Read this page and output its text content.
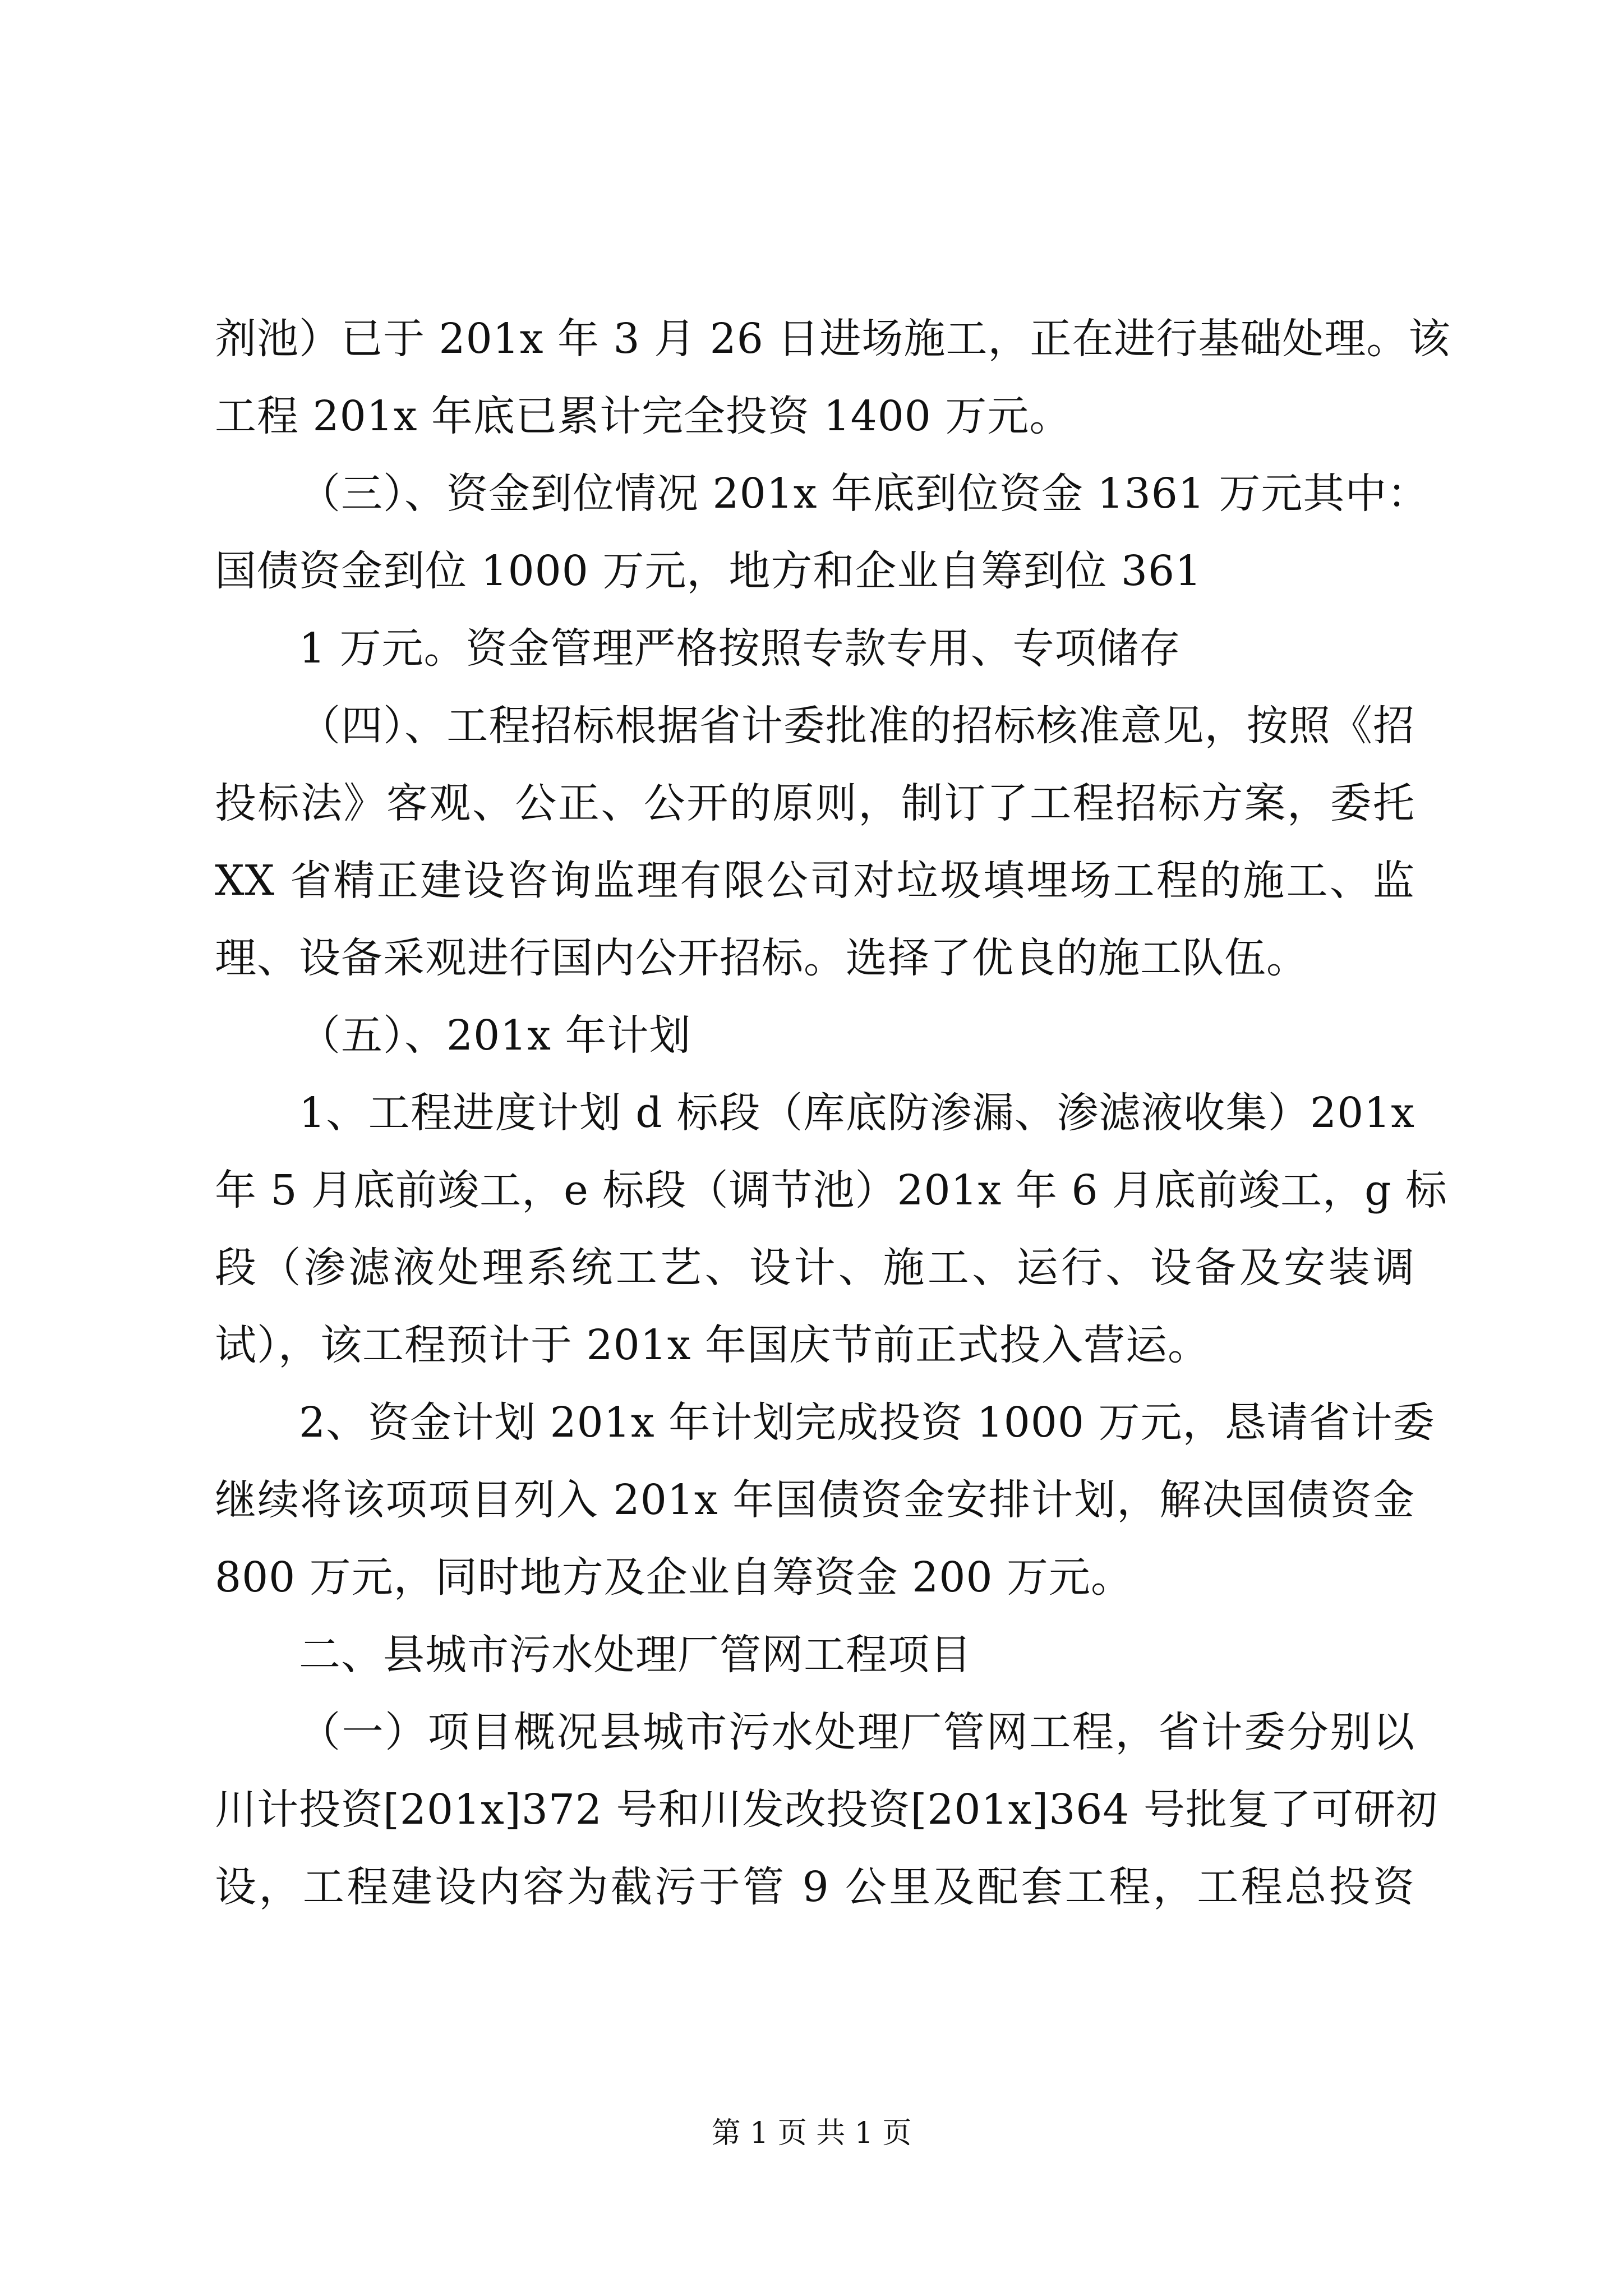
剂池）已于 201x 年 3 月 26 日进场施工，正在进行基础处理。该
工程 201x 年底已累计完全投资 1400 万元。
（三）、资金到位情况 201x 年底到位资金 1361 万元其中：
国债资金到位 1000 万元，地方和企业自筹到位 361
1 万元。资金管理严格按照专款专用、专项储存
（四）、工程招标根据省计委批准的招标核准意见，按照《招
投标法》客观、公正、公开的原则，制订了工程招标方案，委托
XX 省精正建设咨询监理有限公司对垃圾填埋场工程的施工、监
理、设备采观进行国内公开招标。选择了优良的施工队伍。
（五）、201x 年计划
1、工程进度计划 d 标段（库底防渗漏、渗滤液收集）201x
年 5 月底前竣工，e 标段（调节池）201x 年 6 月底前竣工，g 标
段（渗滤液处理系统工艺、设计、施工、运行、设备及安装调
试），该工程预计于 201x 年国庆节前正式投入营运。
2、资金计划 201x 年计划完成投资 1000 万元，恳请省计委
继续将该项项目列入 201x 年国债资金安排计划，解决国债资金
800 万元，同时地方及企业自筹资金 200 万元。
二、县城市污水处理厂管网工程项目
（一）项目概况县城市污水处理厂管网工程，省计委分别以
川计投资[201x]372 号和川发改投资[201x]364 号批复了可研初
设，工程建设内容为截污于管 9 公里及配套工程，工程总投资
第 1 页 共 1 页
